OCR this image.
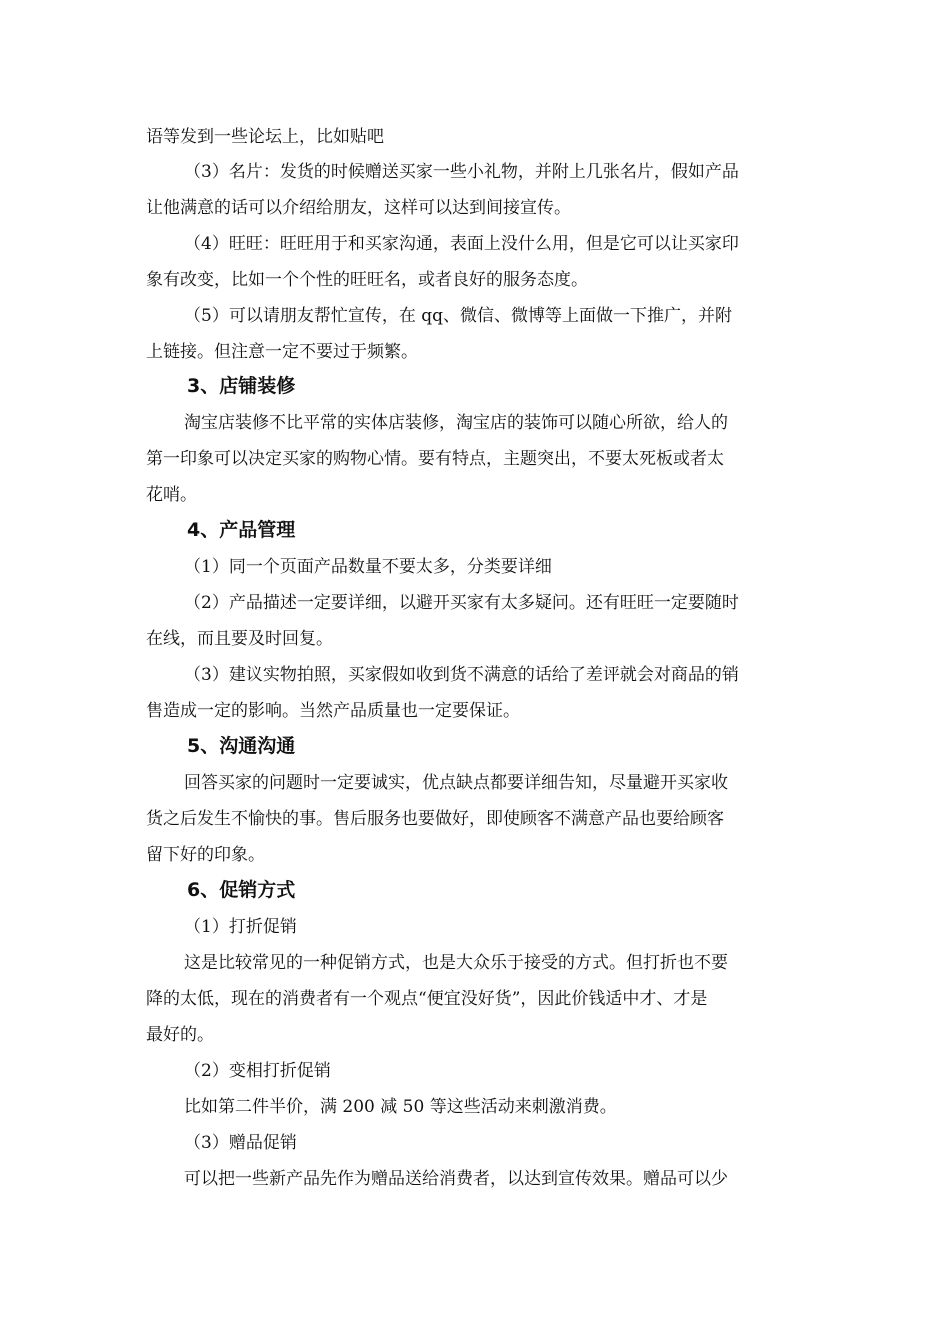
语等发到一些论坛上，比如贴吧

（3）名片：发货的时候赠送买家一些小礼物，并附上几张名片，假如产品

让他满意的话可以介绍给朋友，这样可以达到间接宣传。

（4）旺旺：旺旺用于和买家沟通，表面上没什么用，但是它可以让买家印

象有改变，比如一个个性的旺旺名，或者良好的服务态度。

（5）可以请朋友帮忙宣传，在 qq、微信、微博等上面做一下推广，并附

上链接。但注意一定不要过于频繁。

3、店铺装修

淘宝店装修不比平常的实体店装修，淘宝店的装饰可以随心所欲，给人的

第一印象可以决定买家的购物心情。要有特点，主题突出，不要太死板或者太

花哨。

4、产品管理

（1）同一个页面产品数量不要太多，分类要详细

（2）产品描述一定要详细，以避开买家有太多疑问。还有旺旺一定要随时

在线，而且要及时回复。

（3）建议实物拍照，买家假如收到货不满意的话给了差评就会对商品的销

售造成一定的影响。当然产品质量也一定要保证。

5、沟通沟通

回答买家的问题时一定要诚实，优点缺点都要详细告知，尽量避开买家收

货之后发生不愉快的事。售后服务也要做好，即使顾客不满意产品也要给顾客

留下好的印象。

6、促销方式

（1）打折促销

这是比较常见的一种促销方式，也是大众乐于接受的方式。但打折也不要

降的太低，现在的消费者有一个观点“便宜没好货”，因此价钱适中才、才是

最好的。

（2）变相打折促销

比如第二件半价，满 200 减 50 等这些活动来刺激消费。

（3）赠品促销

可以把一些新产品先作为赠品送给消费者，以达到宣传效果。赠品可以少
